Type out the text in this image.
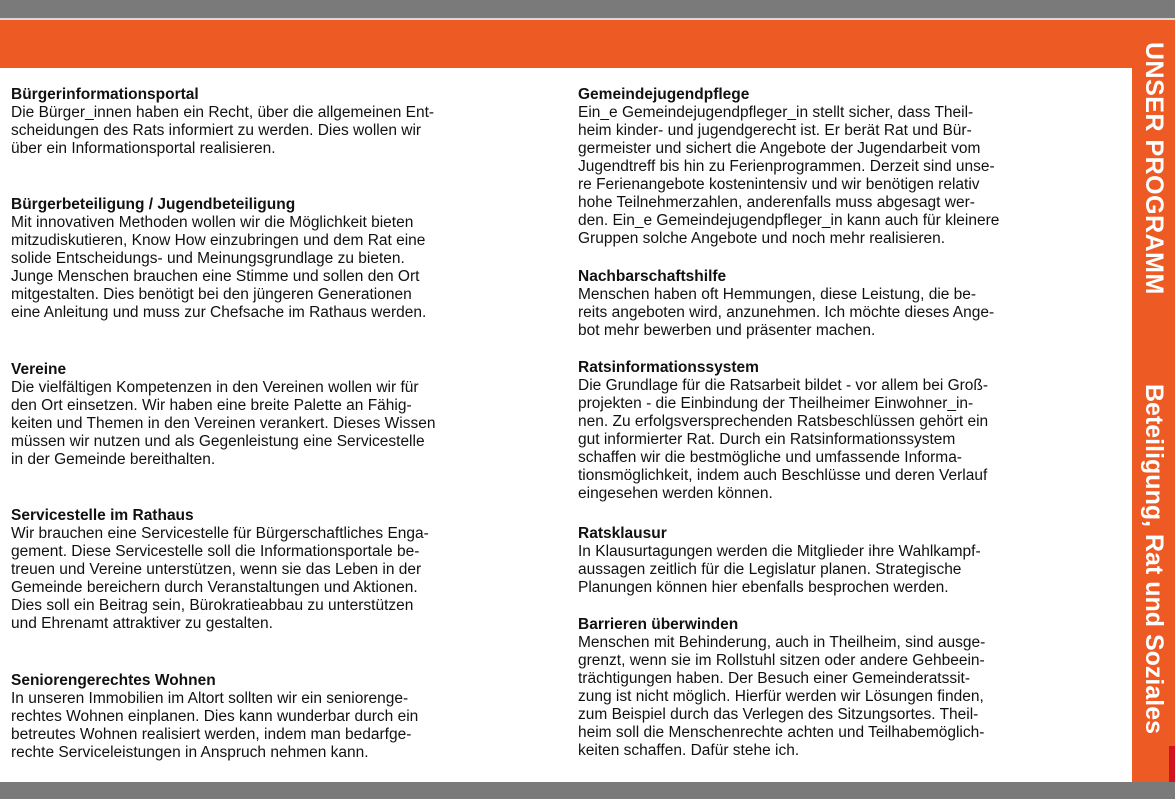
UNSER PROGRAMM
Beteiligung, Rat und Soziales
Bürgerinformationsportal

Die Bürger_innen haben ein Recht, über die allgemeinen Ent-
scheidungen des Rats informiert zu werden. Dies wollen wir
über ein Informationsportal realisieren.

Bürgerbeteiligung / Jugendbeteiligung

Mit innovativen Methoden wollen wir die Möglichkeit bieten
mitzudiskutieren, Know How einzubringen und dem Rat eine
solide Entscheidungs- und Meinungsgrundlage zu bieten.
Junge Menschen brauchen eine Stimme und sollen den Ort
mitgestalten. Dies benötigt bei den jüngeren Generationen
eine Anleitung und muss zur Chefsache im Rathaus werden.

Vereine

Die vielfältigen Kompetenzen in den Vereinen wollen wir für
den Ort einsetzen. Wir haben eine breite Palette an Fähig-
keiten und Themen in den Vereinen verankert. Dieses Wissen
müssen wir nutzen und als Gegenleistung eine Servicestelle
in der Gemeinde bereithalten.

Servicestelle im Rathaus

Wir brauchen eine Servicestelle für Bürgerschaftliches Enga-
gement. Diese Servicestelle soll die Informationsportale be-
treuen und Vereine unterstützen, wenn sie das Leben in der
Gemeinde bereichern durch Veranstaltungen und Aktionen.
Dies soll ein Beitrag sein, Bürokratieabbau zu unterstützen
und Ehrenamt attraktiver zu gestalten.

Seniorengerechtes Wohnen

In unseren Immobilien im Altort sollten wir ein seniorenge-
rechtes Wohnen einplanen. Dies kann wunderbar durch ein
betreutes Wohnen realisiert werden, indem man bedarfge-
rechte Serviceleistungen in Anspruch nehmen kann.

Gemeindejugendpflege

Ein_e Gemeindejugendpfleger_in stellt sicher, dass Theil-
heim kinder- und jugendgerecht ist. Er berät Rat und Bür-
germeister und sichert die Angebote der Jugendarbeit vom
Jugendtreff bis hin zu Ferienprogrammen. Derzeit sind unse-
re Ferienangebote kostenintensiv und wir benötigen relativ
hohe Teilnehmerzahlen, anderenfalls muss abgesagt wer-
den. Ein_e Gemeindejugendpfleger_in kann auch für kleinere
Gruppen solche Angebote und noch mehr realisieren.

Nachbarschaftshilfe

Menschen haben oft Hemmungen, diese Leistung, die be-
reits angeboten wird, anzunehmen. Ich möchte dieses Ange-
bot mehr bewerben und präsenter machen.

Ratsinformationssystem

Die Grundlage für die Ratsarbeit bildet - vor allem bei Groß-
projekten - die Einbindung der Theilheimer Einwohner_in-
nen. Zu erfolgsversprechenden Ratsbeschlüssen gehört ein
gut informierter Rat. Durch ein Ratsinformationssystem
schaffen wir die bestmögliche und umfassende Informa-
tionsmöglichkeit, indem auch Beschlüsse und deren Verlauf
eingesehen werden können.

Ratsklausur

In Klausurtagungen werden die Mitglieder ihre Wahlkampf-
aussagen zeitlich für die Legislatur planen. Strategische
Planungen können hier ebenfalls besprochen werden.

Barrieren überwinden

Menschen mit Behinderung, auch in Theilheim, sind ausge-
grenzt, wenn sie im Rollstuhl sitzen oder andere Gehbeein-
trächtigungen haben. Der Besuch einer Gemeinderatssit-
zung ist nicht möglich. Hierfür werden wir Lösungen finden,
zum Beispiel durch das Verlegen des Sitzungsortes. Theil-
heim soll die Menschenrechte achten und Teilhabemöglich-
keiten schaffen. Dafür stehe ich.
